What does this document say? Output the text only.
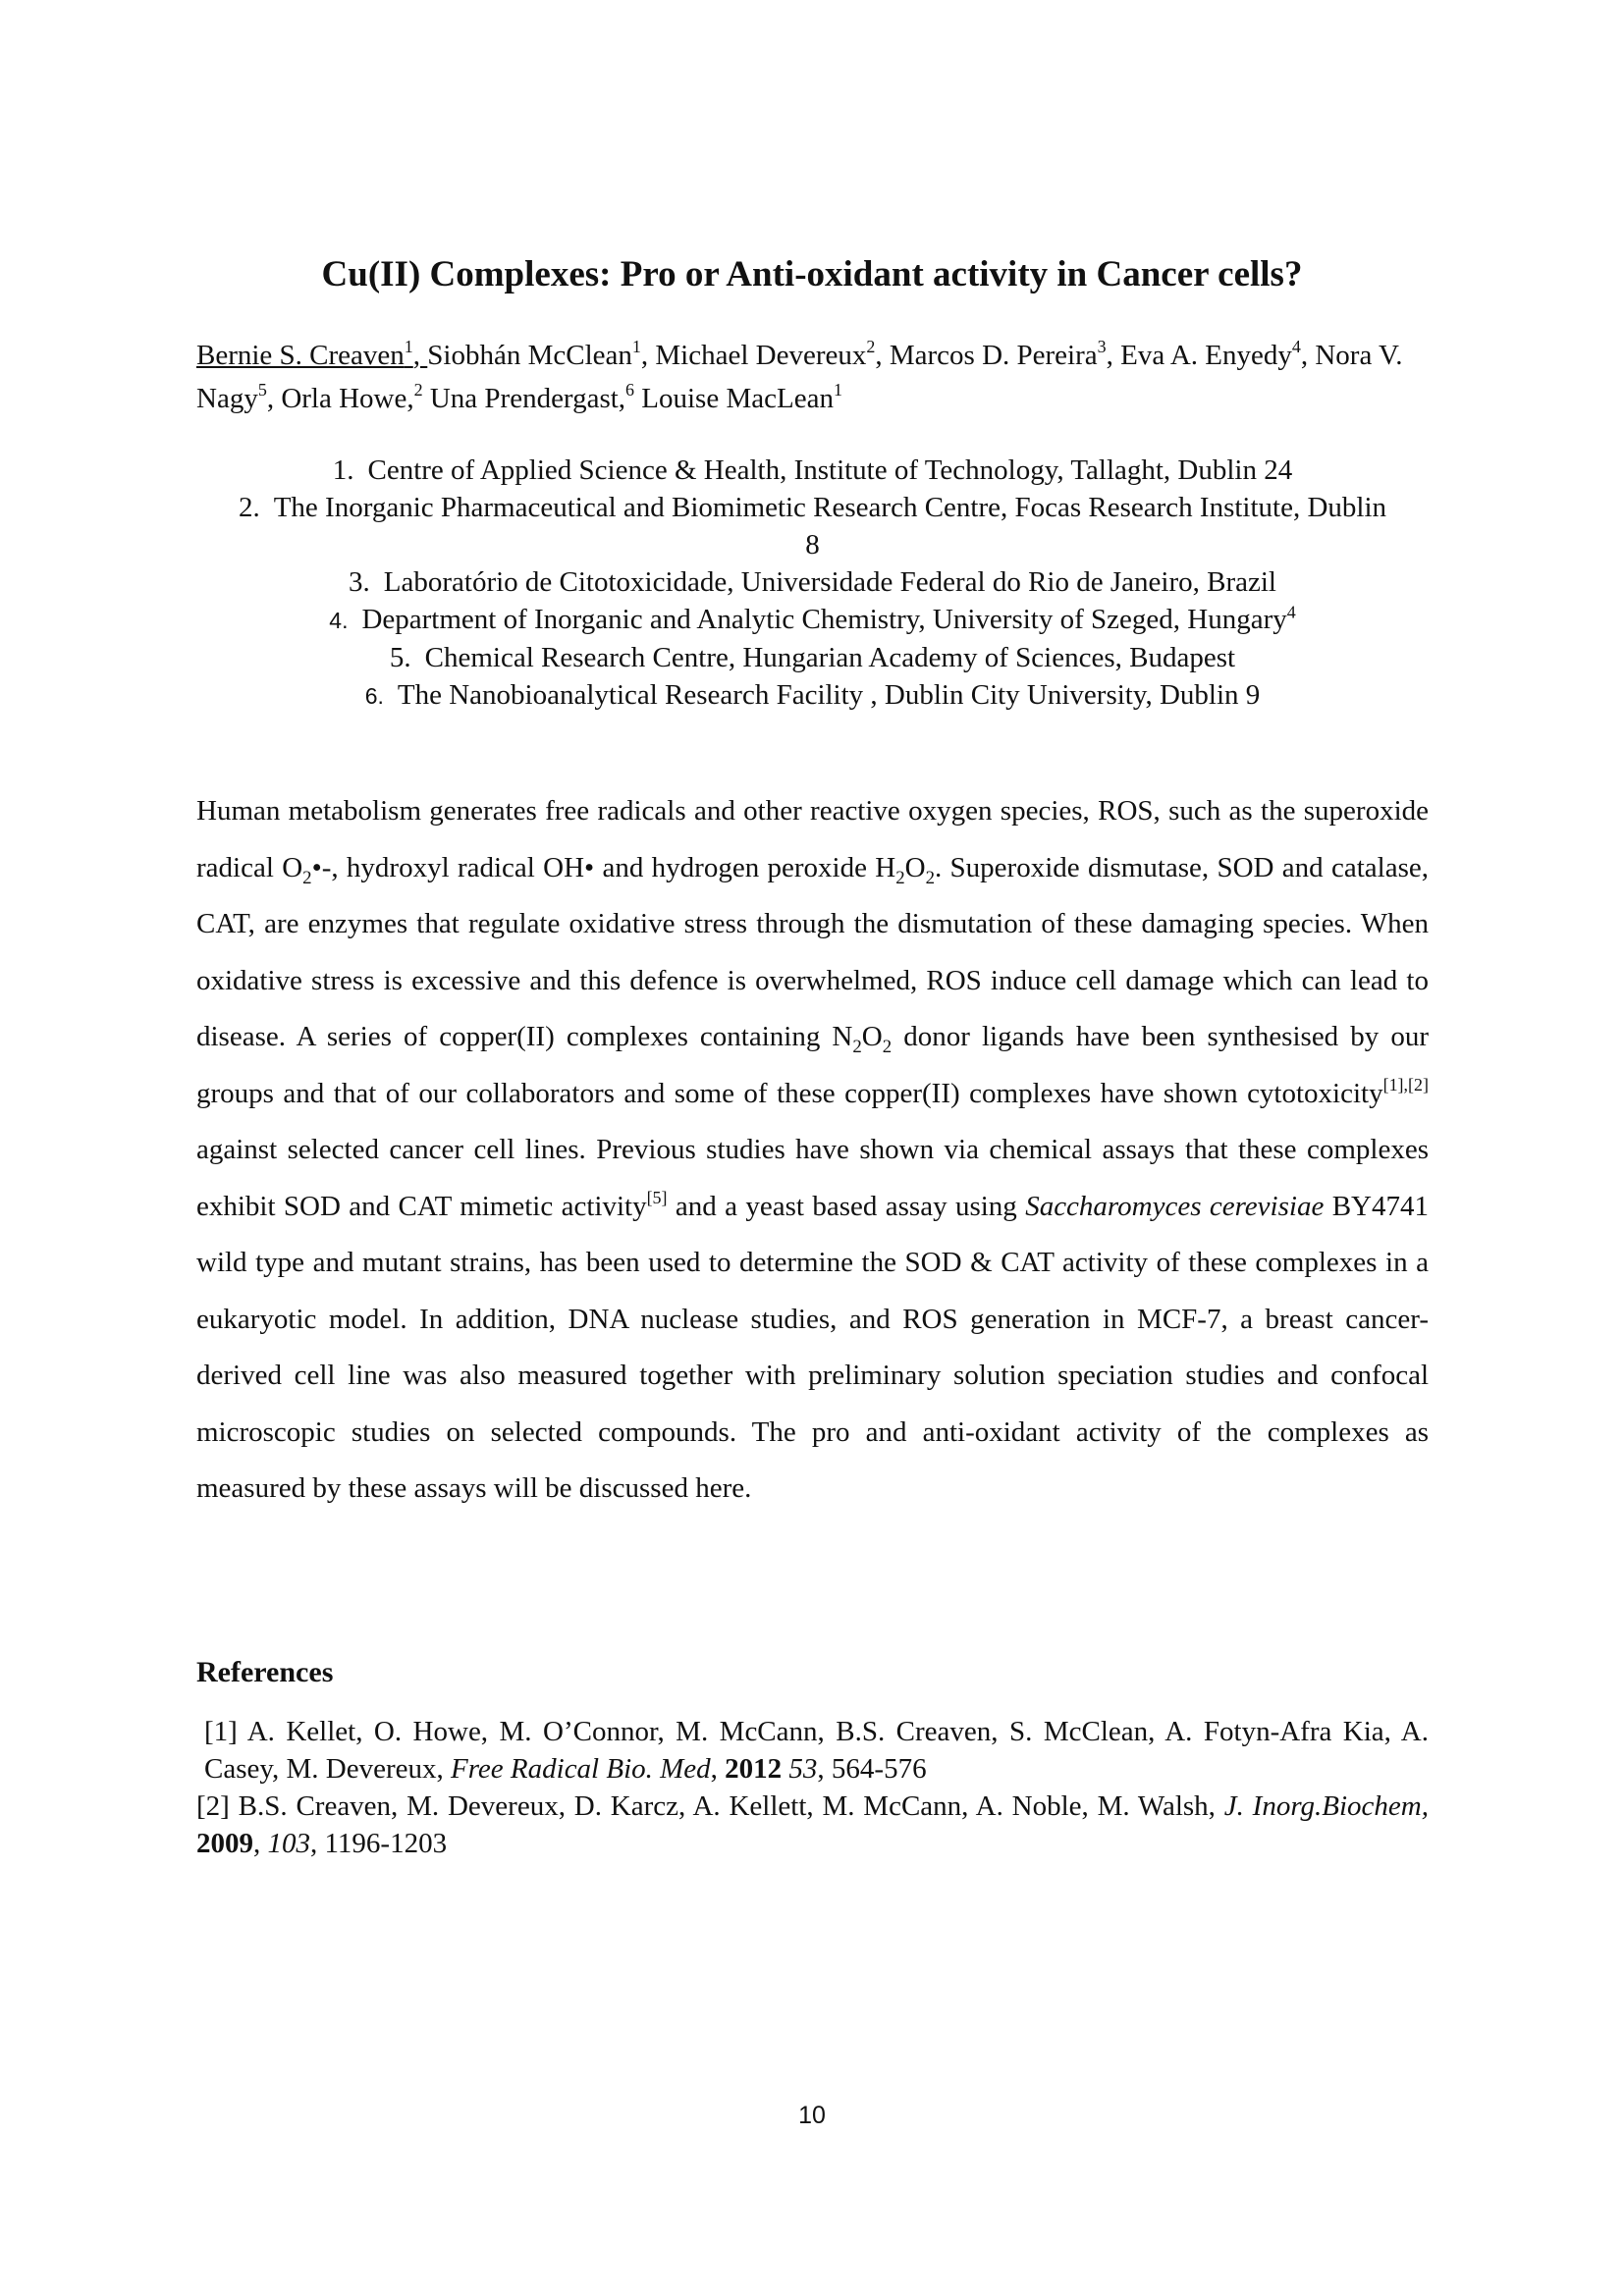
Cu(II) Complexes: Pro or Anti-oxidant activity in Cancer cells?

Bernie S. Creaven$^1$, Siobhán McClean$^1$, Michael Devereux$^2$, Marcos D. Pereira$^3$, Eva A. Enyedy$^4$, Nora V. Nagy$^5$, Orla Howe,$^2$ Una Prendergast,$^6$ Louise MacLean$^1$

1. Centre of Applied Science & Health, Institute of Technology, Tallaght, Dublin 24
2. The Inorganic Pharmaceutical and Biomimetic Research Centre, Focas Research Institute, Dublin 8
3. Laboratório de Citotoxicidade, Universidade Federal do Rio de Janeiro, Brazil
4. Department of Inorganic and Analytic Chemistry, University of Szeged, Hungary$^4$
5. Chemical Research Centre, Hungarian Academy of Sciences, Budapest
6. The Nanobioanalytical Research Facility , Dublin City University, Dublin 9

Human metabolism generates free radicals and other reactive oxygen species, ROS, such as the superoxide radical $O_2•-$, hydroxyl radical OH• and hydrogen peroxide $H_2O_2$. Superoxide dismutase, SOD and catalase, CAT, are enzymes that regulate oxidative stress through the dismutation of these damaging species. When oxidative stress is excessive and this defence is overwhelmed, ROS induce cell damage which can lead to disease. A series of copper(II) complexes containing $N_2O_2$ donor ligands have been synthesised by our groups and that of our collaborators and some of these copper(II) complexes have shown cytotoxicity[1],[2] against selected cancer cell lines. Previous studies have shown via chemical assays that these complexes exhibit SOD and CAT mimetic activity[5] and a yeast based assay using Saccharomyces cerevisiae BY4741 wild type and mutant strains, has been used to determine the SOD & CAT activity of these complexes in a eukaryotic model. In addition, DNA nuclease studies, and ROS generation in MCF-7, a breast cancer-derived cell line was also measured together with preliminary solution speciation studies and confocal microscopic studies on selected compounds. The pro and anti-oxidant activity of the complexes as measured by these assays will be discussed here.

References

[1] A. Kellet, O. Howe, M. O’Connor, M. McCann, B.S. Creaven, S. McClean, A. Fotyn-Afra Kia, A. Casey, M. Devereux, Free Radical Bio. Med, 2012 53, 564-576

[2] B.S. Creaven, M. Devereux, D. Karcz, A. Kellett, M. McCann, A. Noble, M. Walsh, J. Inorg.Biochem, 2009, 103, 1196-1203

10
